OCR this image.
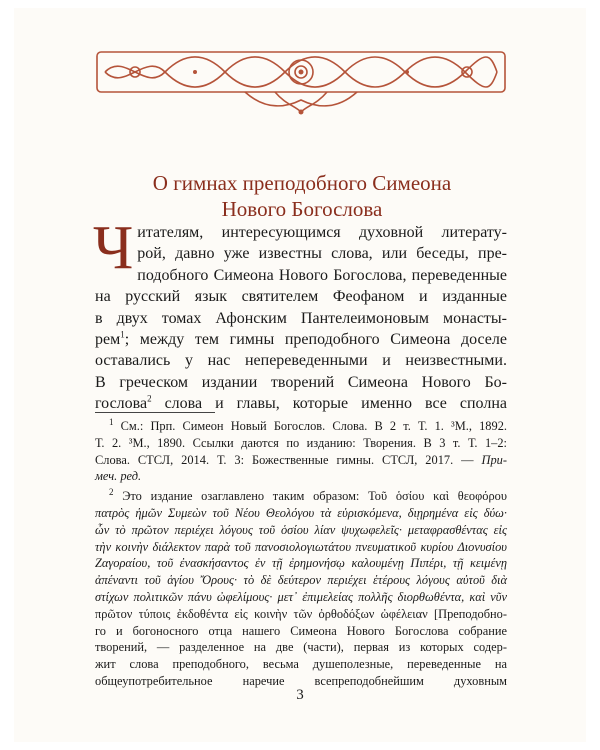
О гимнах преподобного Симеона
Нового Богослова
Ч итателям, интересующимся духовной литерату-
рой, давно уже известны слова, или беседы, пре-
подобного Симеона Нового Богослова, переведенные
на русский язык святителем Феофаном и изданные
в двух томах Афонским Пантелеимоновым монасты-
рем$^1$; между тем гимны преподобного Симеона доселе
оставались у нас непереведенными и неизвестными.
В греческом издании творений Симеона Нового Бо-
гослова$^2$ слова и главы, которые именно все сполна
$^1$ См.: Прп. Симеон Новый Богослов. Слова. В 2 т. Т. 1. ³М., 1892.
Т. 2. ³М., 1890. Ссылки даются по изданию: Творения. В 3 т. Т. 1–2:
Слова. СТСЛ, 2014. Т. 3: Божественные гимны. СТСЛ, 2017. — При-
меч. ред.
$^2$ Это издание озаглавлено таким образом: Τοῦ ὁσίου καὶ θεοφόρου
πατρὸς ἡμῶν Συμεὼν τοῦ Νέου Θεολόγου τὰ εὑρισκόμενα, διῃρημένα εἰς δύω·
ὧν τὸ πρῶτον περιέχει λόγους τοῦ ὁσίου λίαν ψυχωφελεῖς· μεταφρασθέντας εἰς
τὴν κοινὴν διάλεκτον παρὰ τοῦ πανοσιολογιωτάτου πνευματικοῦ κυρίου Διονυσίου
Ζαγοραίου, τοῦ ἐνασκήσαντος ἐν τῇ ἐρημονήσῳ καλουμένῃ Πιπέρι, τῇ κειμένῃ
ἀπέναντι τοῦ ἁγίου Ὄρους· τὸ δὲ δεύτερον περιέχει ἑτέρους λόγους αὐτοῦ διὰ
στίχων πολιτικῶν πάνυ ὠφελίμους· μετ᾽ ἐπιμελείας πολλῆς διορθωθέντα, καὶ νῦν
πρῶτον τύποις ἐκδοθέντα εἰς κοινὴν τῶν ὀρθοδόξων ὠφέλειαν [Преподобно-
го и богоносного отца нашего Симеона Нового Богослова собрание
творений, — разделенное на две (части), первая из которых содер-
жит слова преподобного, весьма душеполезные, переведенные на
общеупотребительное наречие всепреподобнейшим духовным
3
